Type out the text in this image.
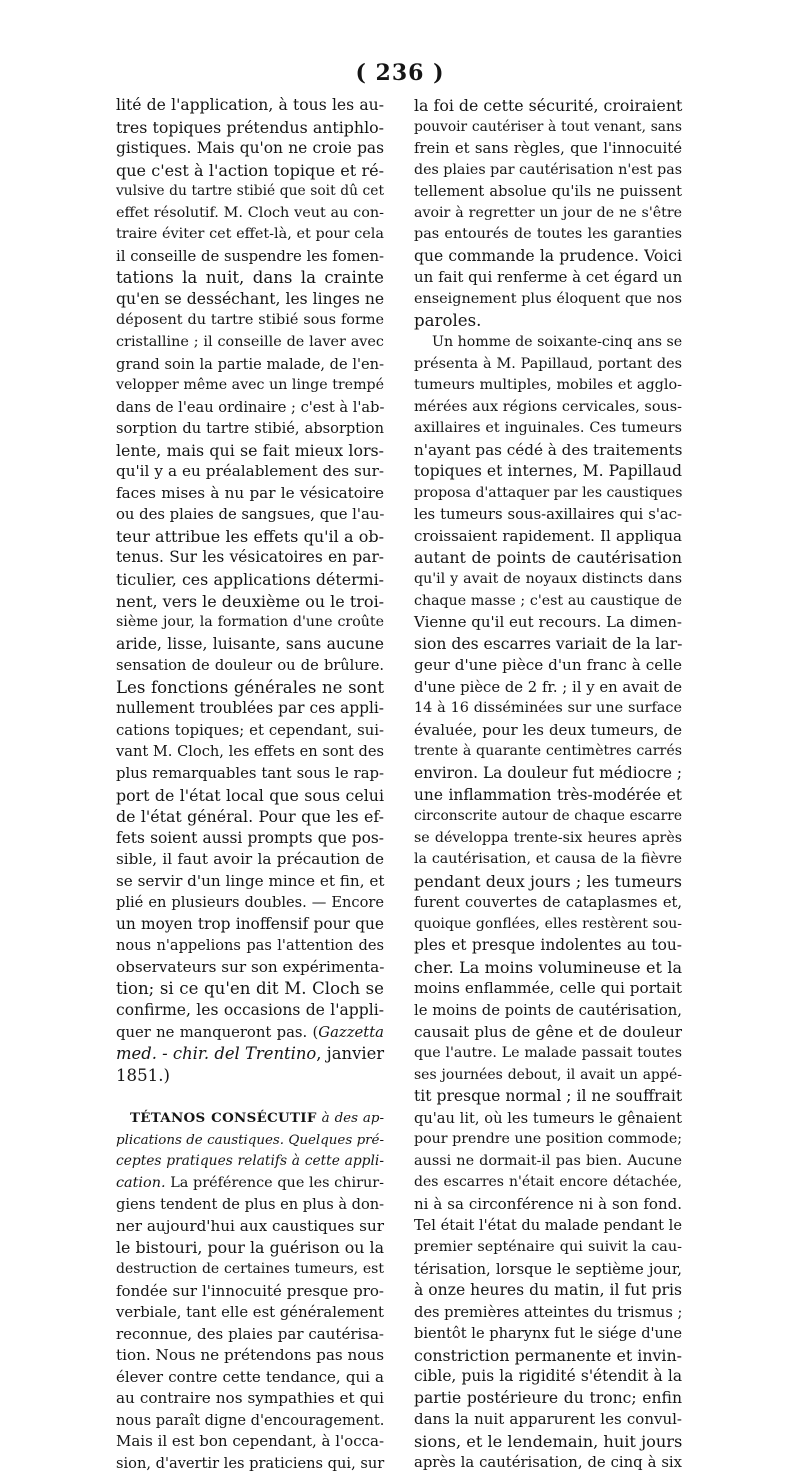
( 236 )
lité de l'application, à tous les au-
tres topiques prétendus antiphlo-
gistiques. Mais qu'on ne croie pas
que c'est à l'action topique et ré-
vulsive du tartre stibié que soit dû cet
effet résolutif. M. Cloch veut au con-
traire éviter cet effet-là, et pour cela
il conseille de suspendre les fomen-
tations la nuit, dans la crainte
qu'en se desséchant, les linges ne
déposent du tartre stibié sous forme
cristalline ; il conseille de laver avec
grand soin la partie malade, de l'en-
velopper même avec un linge trempé
dans de l'eau ordinaire ; c'est à l'ab-
sorption du tartre stibié, absorption
lente, mais qui se fait mieux lors-
qu'il y a eu préalablement des sur-
faces mises à nu par le vésicatoire
ou des plaies de sangsues, que l'au-
teur attribue les effets qu'il a ob-
tenus. Sur les vésicatoires en par-
ticulier, ces applications détermi-
nent, vers le deuxième ou le troi-
sième jour, la formation d'une croûte
aride, lisse, luisante, sans aucune
sensation de douleur ou de brûlure.
Les fonctions générales ne sont
nullement troublées par ces appli-
cations topiques; et cependant, sui-
vant M. Cloch, les effets en sont des
plus remarquables tant sous le rap-
port de l'état local que sous celui
de l'état général. Pour que les ef-
fets soient aussi prompts que pos-
sible, il faut avoir la précaution de
se servir d'un linge mince et fin, et
plié en plusieurs doubles. — Encore
un moyen trop inoffensif pour que
nous n'appelions pas l'attention des
observateurs sur son expérimenta-
tion; si ce qu'en dit M. Cloch se
confirme, les occasions de l'appli-
quer ne manqueront pas. (Gazzetta
med. - chir. del Trentino, janvier
1851.)
TÉTANOS CONSÉCUTIF à des ap-
plications de caustiques. Quelques pré-
ceptes pratiques relatifs à cette appli-
cation. La préférence que les chirur-
giens tendent de plus en plus à don-
ner aujourd'hui aux caustiques sur
le bistouri, pour la guérison ou la
destruction de certaines tumeurs, est
fondée sur l'innocuité presque pro-
verbiale, tant elle est généralement
reconnue, des plaies par cautérisa-
tion. Nous ne prétendons pas nous
élever contre cette tendance, qui a
au contraire nos sympathies et qui
nous paraît digne d'encouragement.
Mais il est bon cependant, à l'occa-
sion, d'avertir les praticiens qui, sur
la foi de cette sécurité, croiraient
pouvoir cautériser à tout venant, sans
frein et sans règles, que l'innocuité
des plaies par cautérisation n'est pas
tellement absolue qu'ils ne puissent
avoir à regretter un jour de ne s'être
pas entourés de toutes les garanties
que commande la prudence. Voici
un fait qui renferme à cet égard un
enseignement plus éloquent que nos
paroles.
Un homme de soixante-cinq ans se
présenta à M. Papillaud, portant des
tumeurs multiples, mobiles et agglo-
mérées aux régions cervicales, sous-
axillaires et inguinales. Ces tumeurs
n'ayant pas cédé à des traitements
topiques et internes, M. Papillaud
proposa d'attaquer par les caustiques
les tumeurs sous-axillaires qui s'ac-
croissaient rapidement. Il appliqua
autant de points de cautérisation
qu'il y avait de noyaux distincts dans
chaque masse ; c'est au caustique de
Vienne qu'il eut recours. La dimen-
sion des escarres variait de la lar-
geur d'une pièce d'un franc à celle
d'une pièce de 2 fr. ; il y en avait de
14 à 16 disséminées sur une surface
évaluée, pour les deux tumeurs, de
trente à quarante centimètres carrés
environ. La douleur fut médiocre ;
une inflammation très-modérée et
circonscrite autour de chaque escarre
se développa trente-six heures après
la cautérisation, et causa de la fièvre
pendant deux jours ; les tumeurs
furent couvertes de cataplasmes et,
quoique gonflées, elles restèrent sou-
ples et presque indolentes au tou-
cher. La moins volumineuse et la
moins enflammée, celle qui portait
le moins de points de cautérisation,
causait plus de gêne et de douleur
que l'autre. Le malade passait toutes
ses journées debout, il avait un appé-
tit presque normal ; il ne souffrait
qu'au lit, où les tumeurs le gênaient
pour prendre une position commode;
aussi ne dormait-il pas bien. Aucune
des escarres n'était encore détachée,
ni à sa circonférence ni à son fond.
Tel était l'état du malade pendant le
premier septénaire qui suivit la cau-
térisation, lorsque le septième jour,
à onze heures du matin, il fut pris
des premières atteintes du trismus ;
bientôt le pharynx fut le siége d'une
constriction permanente et invin-
cible, puis la rigidité s'étendit à la
partie postérieure du tronc; enfin
dans la nuit apparurent les convul-
sions, et le lendemain, huit jours
après la cautérisation, de cinq à six
